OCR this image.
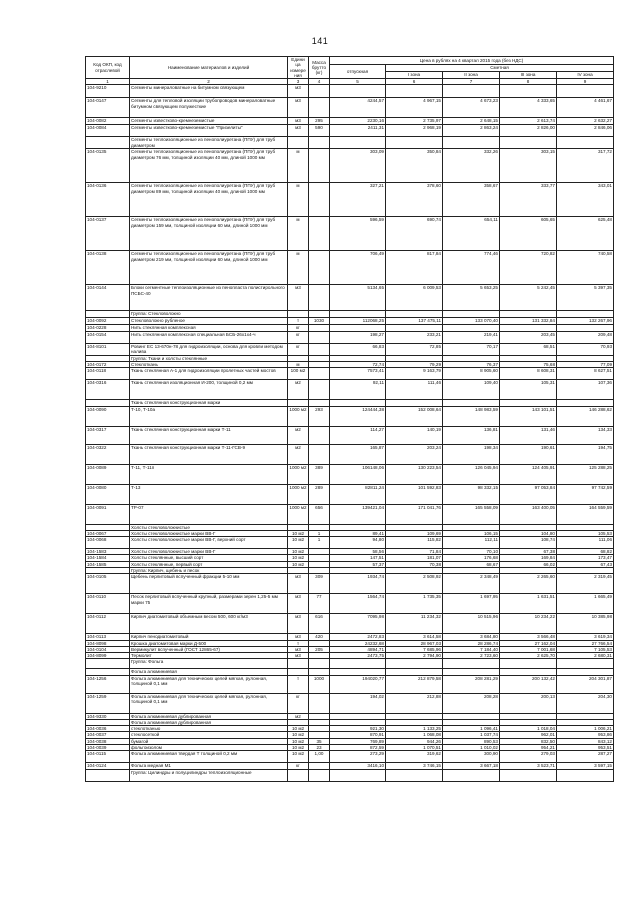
141
Код ОКП, код отраслевой	Наименование материалов и изделий	Едини ца измере ния	Масса брутто (кг)	Цена в рублях на 4 квартал 2015 года (без НДС)				
				отпускная	Сметная			
					I зона	II зона	III зона	IV зона
1	2	3	4	5	6	7	8	9
104-9210	Сегменты минераловатные на битумном связующем	м3						
104-0147	Сегменты для тепловой изоляции трубопроводов минераловатные битумном связующем полужесткие	м3		4244,57	4 967,15	4 673,23	4 333,65	4 461,67
104-0082	Сегменты известково-кремнеземистые	м3	295	2230,16	2 735,97	2 648,15	2 613,74	2 632,27
104-0084	Сегменты известково-кремнеземистые "Призелиты"	м3	590	2411,31	2 968,19	2 863,24	2 826,00	2 846,06
	Сегменты теплоизоляционные из пенополиуретана (ППУ) для труб диаметром							
104-0135	Сегменты теплоизоляционные из пенополиуретана (ППУ) для труб диаметром 76 мм, толщиной изоляции 40 мм, длиной 1000 мм	м		303,09	350,84	332,26	303,15	317,72
104-0136	Сегменты теплоизоляционные из пенополиуретана (ППУ) для труб диаметром 89 мм, толщиной изоляции 40 мм, длиной 1000 мм	м		327,21	378,60	358,67	333,77	343,01
104-0137	Сегменты теплоизоляционные из пенополиуретана (ППУ) для труб диаметром 159 мм, толщиной изоляции 60 мм, длиной 1000 мм	м		596,59	690,74	654,11	605,65	625,48
104-0138	Сегменты теплоизоляционные из пенополиуретана (ППУ) для труб диаметром 219 мм, толщиной изоляции 60 мм, длиной 1000 мм	м		706,49	817,84	774,46	720,82	740,58
104-0144	Блоки сегментные теплоизоляционные из пенопласта полистирольного ПСБС-40	м3		5134,65	6 009,53	5 653,25	5 242,45	5 397,35
	Группа: Стекловолокно							
104-0092	Стекловолокно рубленое	т	1030	112068,25	137 475,11	133 070,40	131 332,84	132 267,96
104-0228	Нить стеклянная комплексная	кг						
104-0154	Нить стеклянная комплексная специальная БСБ-26х1х4-ч	кг		198,27	233,21	219,41	203,45	209,48
104-8101	Ровинг ЕС 13-670н-78 для гидроизоляции, основа для кровли методом налива	кг		66,83	72,85	70,17	68,51	70,93
	Группа: Ткани и холсты стеклянные							
104-0172	Стеклоткань	м		72,74	79,29	76,37	75,68	77,09
104-0118	Ткань стеклянная А-1 для гидроизоляции пролетных частей мостов	100 м2		7573,41	9 163,79	8 905,60	8 608,31	8 627,51
104-0316	Ткань стеклянная изоляционная И-200, толщиной 0,2 мм	м2		92,11	111,46	109,40	105,31	107,36
	Ткань стеклянная конструкционная марки							
104-0090	Т-10, Т-10а	1000 м2	293	124444,38	152 008,64	148 983,59	143 101,51	146 288,62
104-0317	Ткань стеклянная конструкционная марки Т-11	м2		114,27	140,19	136,81	131,46	134,33
104-0322	Ткань стеклянная конструкционная марки Т-11-ГСВ-9	м2		165,87	203,24	198,34	190,61	194,75
104-0089	Т-11, Т-11п	1000 м2	389	106148,06	130 223,54	126 045,94	124 405,91	125 288,25
104-0080	Т-13	1000 м2	289	82811,24	101 592,83	98 332,15	97 053,84	97 742,59
104-0091	ТР-07	1000 м2	656	139421,04	171 041,76	165 558,09	163 400,05	164 559,59
	Холсты стекловолокнистые							
104-0067	Холсты стекловолокнистые марки ВВ-Г	10 м2	1	89,41	109,69	106,15	104,80	105,53
104-0068	Холсты стекловолокнистые марки ВВ-Г, верхний сорт	10 м2	1	94,80	115,82	112,11	108,74	111,06
104-1583	Холсты стекловолокнистые марки ВВ-Г	10 м2		58,56	71,84	70,10	67,38	68,82
104-1584	Холсты стеклянные, высший сорт	10 м2		147,51	181,07	176,68	169,84	173,47
104-1585	Холсты стеклянные, первый сорт	10 м2		57,37	70,38	68,67	66,02	67,43
	Группа: Кирпич, щебень и песок							
104-0105	Щебень перлитовый вспученный фракции 5-10 мм	м3	309	1934,74	2 508,92	2 348,49	2 265,60	2 319,45
104-0110	Песок перлитовый вспученный крупный, размерами зерен 1,25-5 мм марки 75	м3	77	1564,74	1 735,35	1 697,95	1 631,51	1 665,49
104-0112	Кирпич диатомитовый объемным весом 500, 600 кг/м3	м3	616	7095,98	11 234,32	10 515,96	10 234,22	10 385,98
104-0113	Кирпич пенодиатомитовый	м3	420	2472,83	3 614,58	3 684,80	3 566,48	3 619,34
104-8098	Крошка диатомитовая марки Д-500	т		24232,68	28 967,03	28 286,74	27 162,04	27 766,54
104-0104	Вермикулит вспученный (ГОСТ 12865-67)	м3	205	4894,71	7 685,96	7 184,40	7 001,68	7 105,53
104-8099	Термолит	м3		2473,75	2 794,90	2 723,60	2 625,70	2 680,31
	Группа: Фольга							
	Фольга алюминиевая							
104-1256	Фольга алюминиевая для технических целей мягкая, рулонная, толщиной 0,1 мм	т	1000	194020,77	212 879,58	208 281,29	200 132,42	204 301,87
104-1259	Фольга алюминиевая для технических целей мягкая, рулонная, толщиной 0,1 мм	кг		194,02	212,88	208,28	200,13	204,30
104-9330	Фольга алюминиевая дублированная	м2						
	Фольга алюминиевая дублированная							
104-0036	стеклотканью	10 м2		921,30	1 133,25	1 096,41	1 018,04	1 006,21
104-0037	стеклосеткой	10 м2		870,91	1 068,08	1 037,74	962,01	953,86
104-0038	бумагой	10 м2	35	769,89	944,26	890,53	832,50	843,12
104-0039	фольгоизолом	10 м2	23	872,59	1 070,51	1 010,02	954,21	953,51
104-0115	Фольга алюминиевая твердая Т толщиной 0,2 мм	10 м2	1,00	273,29	319,62	300,90	279,03	287,27
104-0124	Фольга медная М1	кг		3416,10	3 746,15	3 667,18	3 523,71	3 597,15
	Группа: Цилиндры и полуцилиндры теплоизоляционные							
